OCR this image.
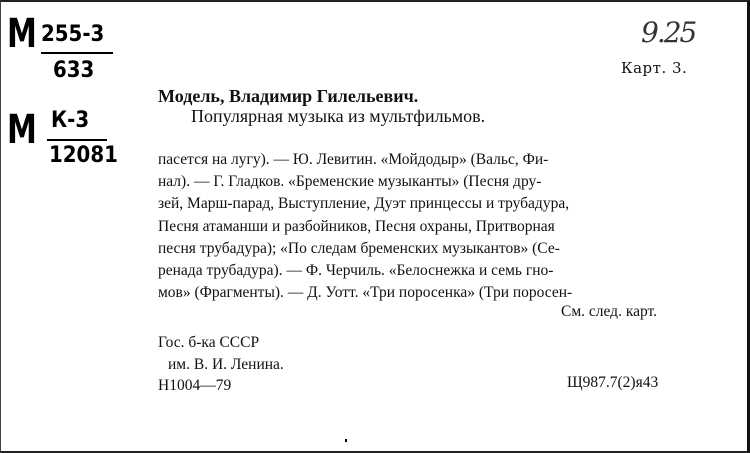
М 255-3
633
М К-3
12081
9.25
Карт. 3.
Модель, Владимир Гилельевич.
Популярная музыка из мультфильмов.
пасется на лугу). — Ю. Левитин. «Мойдодыр» (Вальс, Фи-
нал). — Г. Гладков. «Бременские музыканты» (Песня дру-
зей, Марш-парад, Выступление, Дуэт принцессы и трубадура,
Песня атаманши и разбойников, Песня охраны, Притворная
песня трубадура); «По следам бременских музыкантов» (Се-
ренада трубадура). — Ф. Черчиль. «Белоснежка и семь гно-
мов» (Фрагменты). — Д. Уотт. «Три поросенка» (Три поросен-
См. след. карт.
Гос. б-ка СССР
им. В. И. Ленина.
Н1004—79	Щ987.7(2)я43
